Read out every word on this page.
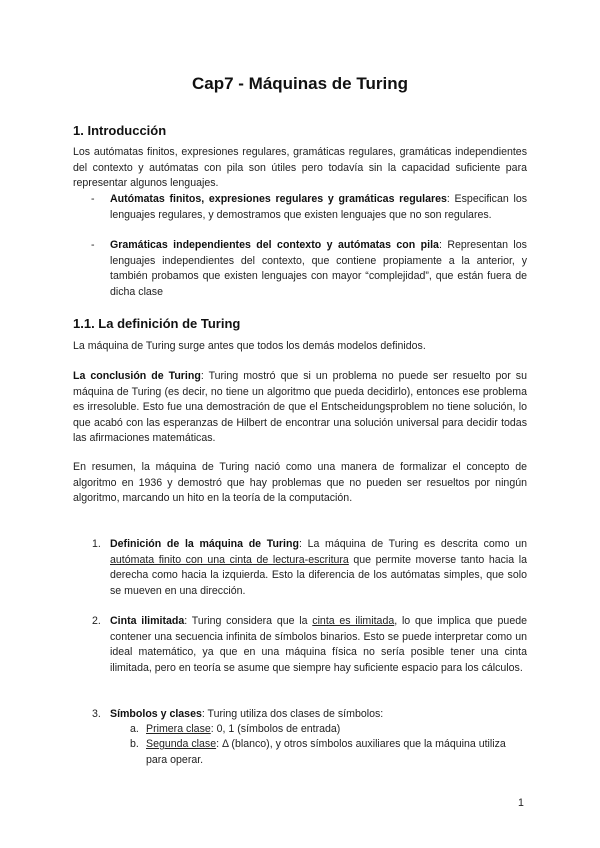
Cap7 - Máquinas de Turing
1. Introducción
Los autómatas finitos, expresiones regulares, gramáticas regulares, gramáticas independientes del contexto y autómatas con pila son útiles pero todavía sin la capacidad suficiente para representar algunos lenguajes.
- Autómatas finitos, expresiones regulares y gramáticas regulares: Especifican los lenguajes regulares, y demostramos que existen lenguajes que no son regulares.
- Gramáticas independientes del contexto y autómatas con pila: Representan los lenguajes independientes del contexto, que contiene propiamente a la anterior, y también probamos que existen lenguajes con mayor “complejidad”, que están fuera de dicha clase
1.1. La definición de Turing
La máquina de Turing surge antes que todos los demás modelos definidos.
La conclusión de Turing: Turing mostró que si un problema no puede ser resuelto por su máquina de Turing (es decir, no tiene un algoritmo que pueda decidirlo), entonces ese problema es irresoluble. Esto fue una demostración de que el Entscheidungsproblem no tiene solución, lo que acabó con las esperanzas de Hilbert de encontrar una solución universal para decidir todas las afirmaciones matemáticas.
En resumen, la máquina de Turing nació como una manera de formalizar el concepto de algoritmo en 1936 y demostró que hay problemas que no pueden ser resueltos por ningún algoritmo, marcando un hito en la teoría de la computación.
1. Definición de la máquina de Turing: La máquina de Turing es descrita como un autómata finito con una cinta de lectura-escritura que permite moverse tanto hacia la derecha como hacia la izquierda. Esto la diferencia de los autómatas simples, que solo se mueven en una dirección.
2. Cinta ilimitada: Turing considera que la cinta es ilimitada, lo que implica que puede contener una secuencia infinita de símbolos binarios. Esto se puede interpretar como un ideal matemático, ya que en una máquina física no sería posible tener una cinta ilimitada, pero en teoría se asume que siempre hay suficiente espacio para los cálculos.
3. Símbolos y clases: Turing utiliza dos clases de símbolos:
a. Primera clase: 0, 1 (símbolos de entrada)
b. Segunda clase: Δ (blanco), y otros símbolos auxiliares que la máquina utiliza para operar.
1
